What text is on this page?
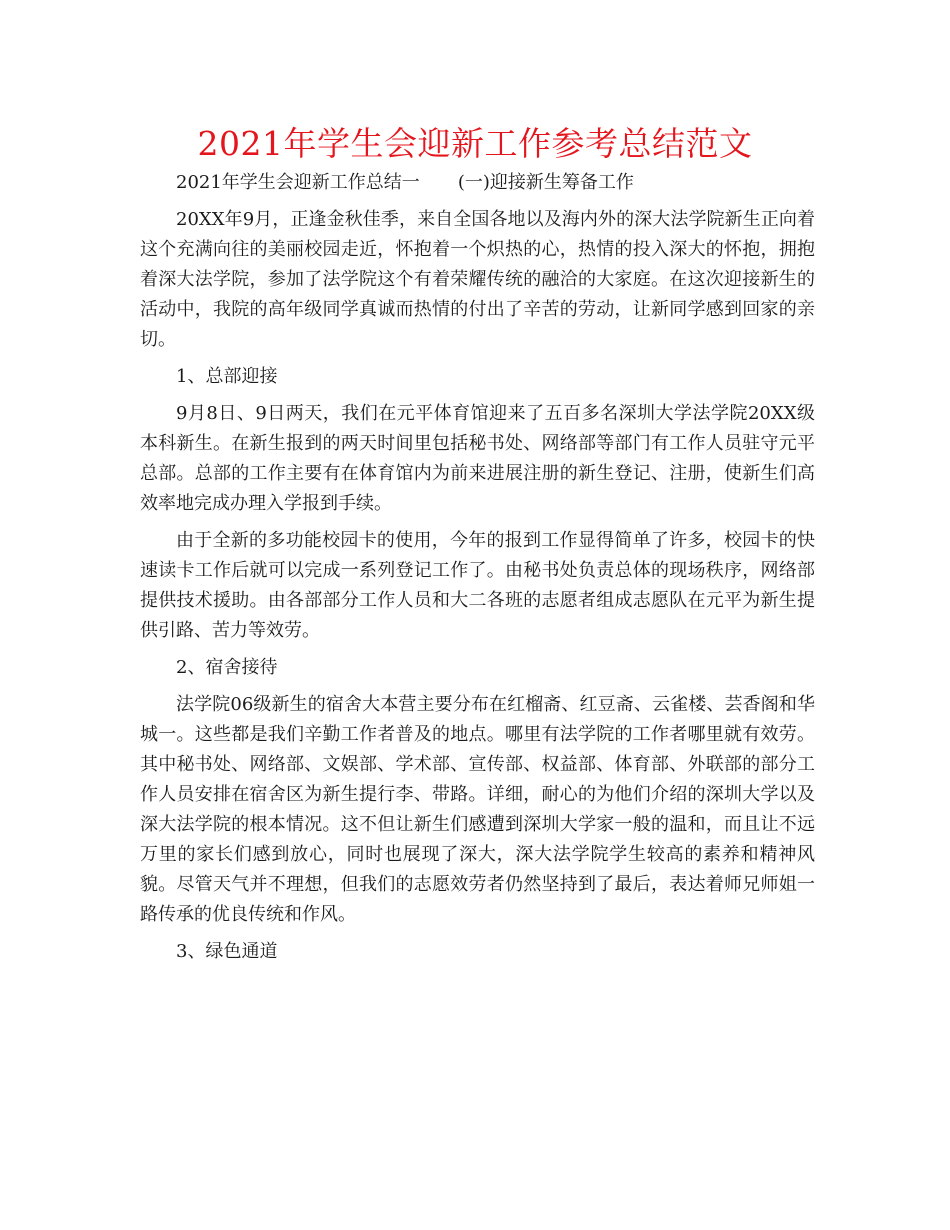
2021年学生会迎新工作参考总结范文
2021年学生会迎新工作总结一 (一)迎接新生筹备工作

20XX年9月，正逢金秋佳季，来自全国各地以及海内外的深大法学院新生正向着这个充满向往的美丽校园走近，怀抱着一个炽热的心，热情的投入深大的怀抱，拥抱着深大法学院，参加了法学院这个有着荣耀传统的融洽的大家庭。在这次迎接新生的活动中，我院的高年级同学真诚而热情的付出了辛苦的劳动，让新同学感到回家的亲切。

1、总部迎接

9月8日、9日两天，我们在元平体育馆迎来了五百多名深圳大学法学院20XX级本科新生。在新生报到的两天时间里包括秘书处、网络部等部门有工作人员驻守元平总部。总部的工作主要有在体育馆内为前来进展注册的新生登记、注册，使新生们高效率地完成办理入学报到手续。

由于全新的多功能校园卡的使用，今年的报到工作显得简单了许多，校园卡的快速读卡工作后就可以完成一系列登记工作了。由秘书处负责总体的现场秩序，网络部提供技术援助。由各部部分工作人员和大二各班的志愿者组成志愿队在元平为新生提供引路、苦力等效劳。

2、宿舍接待

法学院06级新生的宿舍大本营主要分布在红榴斋、红豆斋、云雀楼、芸香阁和华城一。这些都是我们辛勤工作者普及的地点。哪里有法学院的工作者哪里就有效劳。其中秘书处、网络部、文娱部、学术部、宣传部、权益部、体育部、外联部的部分工作人员安排在宿舍区为新生提行李、带路。详细，耐心的为他们介绍的深圳大学以及深大法学院的根本情况。这不但让新生们感遭到深圳大学家一般的温和，而且让不远万里的家长们感到放心，同时也展现了深大，深大法学院学生较高的素养和精神风貌。尽管天气并不理想，但我们的志愿效劳者仍然坚持到了最后，表达着师兄师姐一路传承的优良传统和作风。

3、绿色通道
